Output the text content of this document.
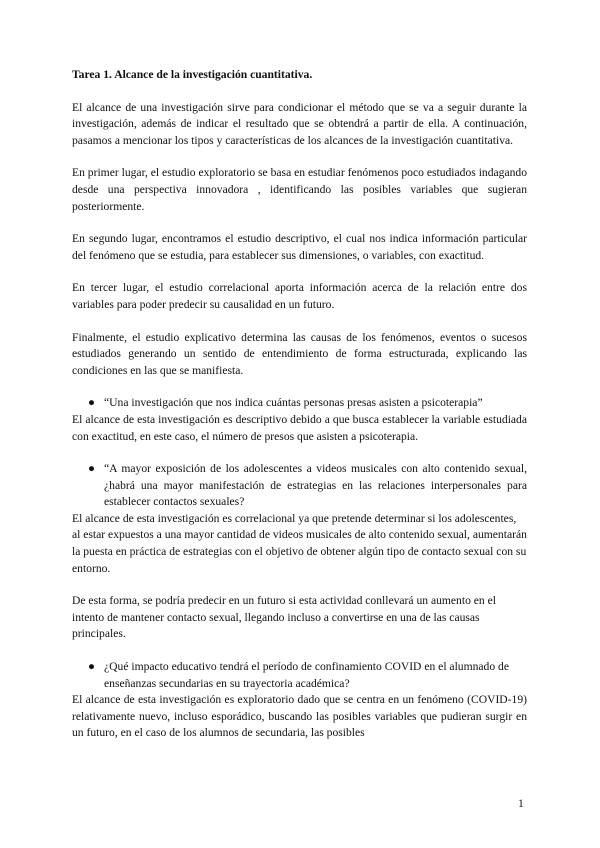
Tarea 1. Alcance de la investigación cuantitativa.

El alcance de una investigación sirve para condicionar el método que se va a seguir durante la investigación, además de indicar el resultado que se obtendrá a partir de ella. A continuación, pasamos a mencionar los tipos y características de los alcances de la investigación cuantitativa.

En primer lugar, el estudio exploratorio se basa en estudiar fenómenos poco estudiados indagando desde una perspectiva innovadora , identificando las posibles variables que sugieran posteriormente.

En segundo lugar, encontramos el estudio descriptivo, el cual nos indica información particular del fenómeno que se estudia, para establecer sus dimensiones, o variables, con exactitud.

En tercer lugar, el estudio correlacional aporta información acerca de la relación entre dos variables para poder predecir su causalidad en un futuro.

Finalmente, el estudio explicativo determina las causas de los fenómenos, eventos o sucesos estudiados generando un sentido de entendimiento de forma estructurada, explicando las condiciones en las que se manifiesta.

● “Una investigación que nos indica cuántas personas presas asisten a psicoterapia”

El alcance de esta investigación es descriptivo debido a que busca establecer la variable estudiada con exactitud, en este caso, el número de presos que asisten a psicoterapia.

● “A mayor exposición de los adolescentes a videos musicales con alto contenido sexual, ¿habrá una mayor manifestación de estrategias en las relaciones interpersonales para establecer contactos sexuales?

El alcance de esta investigación es correlacional ya que pretende determinar si los adolescentes, al estar expuestos a una mayor cantidad de videos musicales de alto contenido sexual, aumentarán la puesta en práctica de estrategias con el objetivo de obtener algún tipo de contacto sexual con su entorno.

De esta forma, se podría predecir en un futuro si esta actividad conllevará un aumento en el intento de mantener contacto sexual, llegando incluso a convertirse en una de las causas principales.

● ¿Qué impacto educativo tendrá el período de confinamiento COVID en el alumnado de enseñanzas secundarias en su trayectoria académica?

El alcance de esta investigación es exploratorio dado que se centra en un fenómeno (COVID-19) relativamente nuevo, incluso esporádico, buscando las posibles variables que pudieran surgir en un futuro, en el caso de los alumnos de secundaria, las posibles

1
